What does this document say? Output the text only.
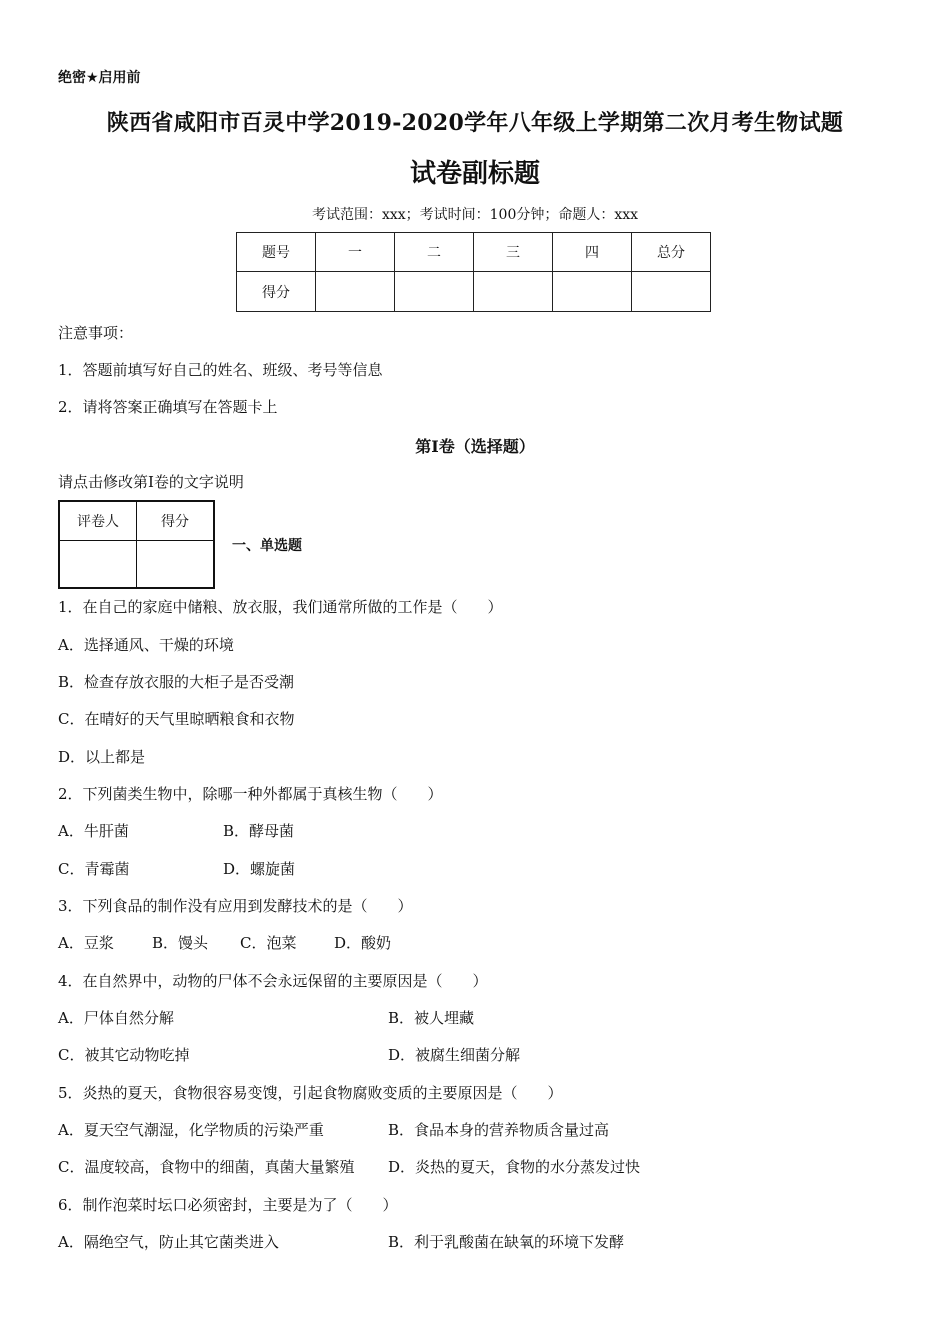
绝密★启用前
陕西省咸阳市百灵中学2019-2020学年八年级上学期第二次月考生物试题
试卷副标题
考试范围：xxx；考试时间：100分钟；命题人：xxx
题号	一	二	三	四	总分
得分					
注意事项：
1．答题前填写好自己的姓名、班级、考号等信息
2．请将答案正确填写在答题卡上
第I卷（选择题）
请点击修改第I卷的文字说明
评卷人	得分

一、单选题
1．在自己的家庭中储粮、放衣服，我们通常所做的工作是（　　）
A．选择通风、干燥的环境
B．检查存放衣服的大柜子是否受潮
C．在晴好的天气里晾晒粮食和衣物
D．以上都是
2．下列菌类生物中，除哪一种外都属于真核生物（　　）
A．牛肝菌	B．酵母菌
C．青霉菌	D．螺旋菌
3．下列食品的制作没有应用到发酵技术的是（　　）
A．豆浆	B．馒头 C．泡菜	D．酸奶
4．在自然界中，动物的尸体不会永远保留的主要原因是（　　）
A．尸体自然分解	B．被人埋藏
C．被其它动物吃掉	D．被腐生细菌分解
5．炎热的夏天，食物很容易变馊，引起食物腐败变质的主要原因是（　　）
A．夏天空气潮湿，化学物质的污染严重	B．食品本身的营养物质含量过高
C．温度较高，食物中的细菌，真菌大量繁殖 D．炎热的夏天，食物的水分蒸发过快
6．制作泡菜时坛口必须密封，主要是为了（　　）
A．隔绝空气，防止其它菌类进入	B．利于乳酸菌在缺氧的环境下发酵
